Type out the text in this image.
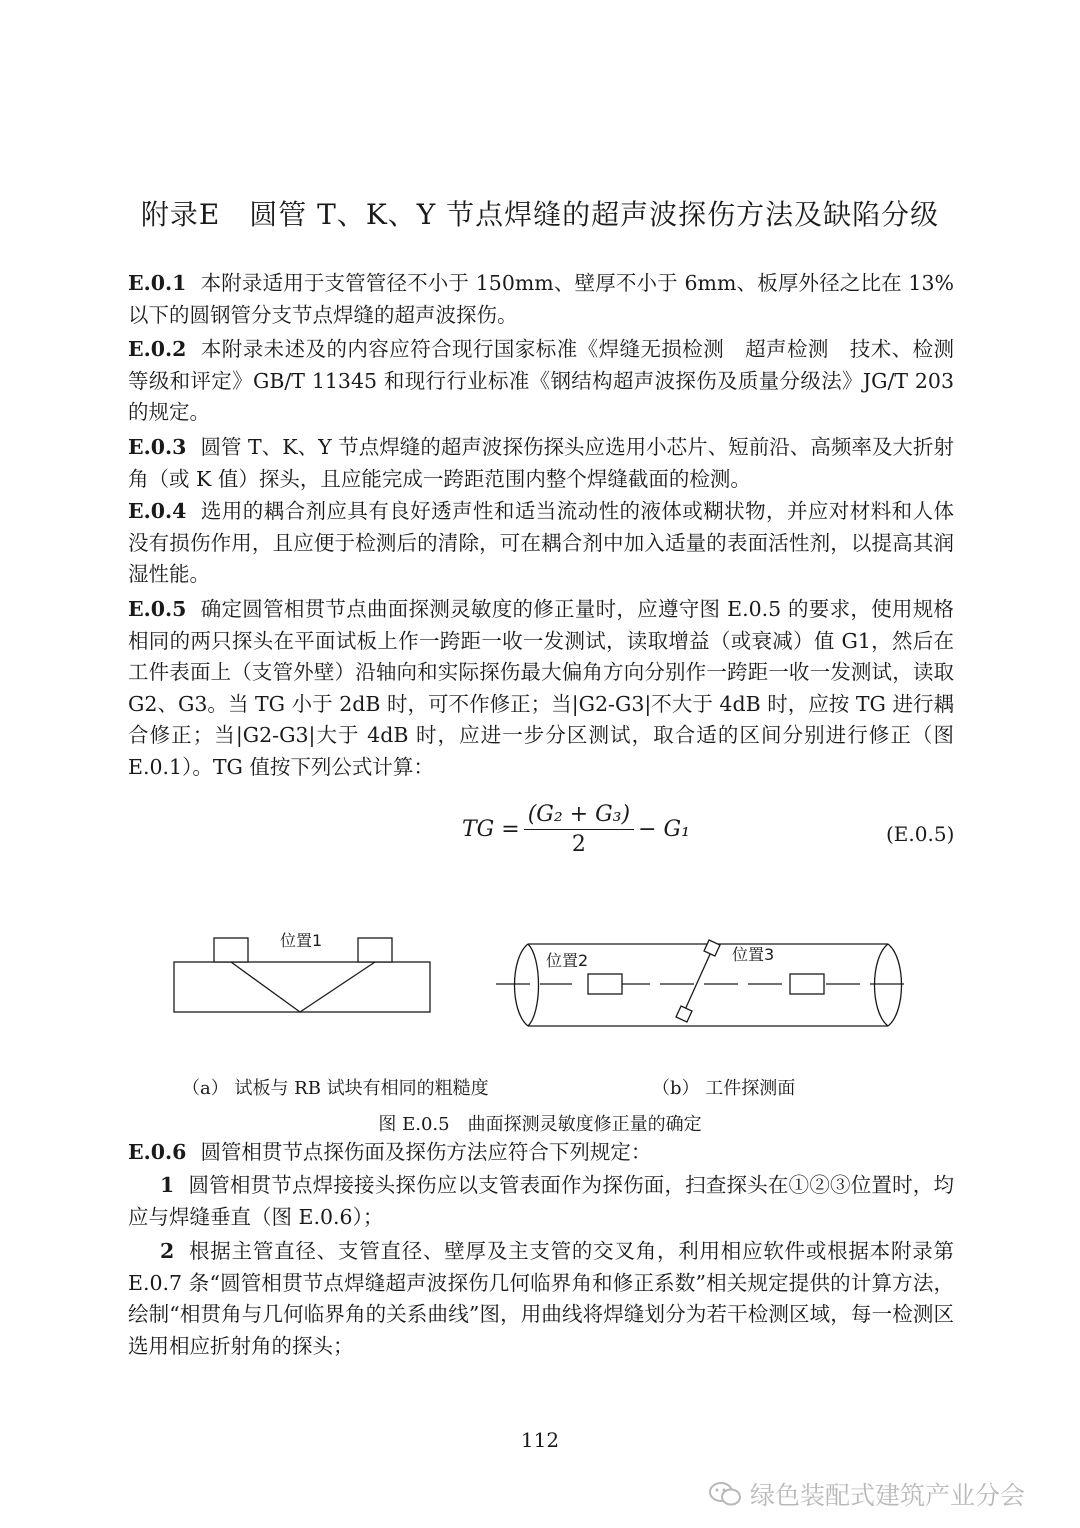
附录E　圆管 T、K、Y 节点焊缝的超声波探伤方法及缺陷分级
E.0.1 本附录适用于支管管径不小于 150mm、壁厚不小于 6mm、板厚外径之比在 13%以下的圆钢管分支节点焊缝的超声波探伤。
E.0.2 本附录未述及的内容应符合现行国家标准《焊缝无损检测　超声检测　技术、检测等级和评定》GB/T 11345 和现行行业标准《钢结构超声波探伤及质量分级法》JG/T 203 的规定。
E.0.3 圆管 T、K、Y 节点焊缝的超声波探伤探头应选用小芯片、短前沿、高频率及大折射角（或 K 值）探头，且应能完成一跨距范围内整个焊缝截面的检测。
E.0.4 选用的耦合剂应具有良好透声性和适当流动性的液体或糊状物，并应对材料和人体没有损伤作用，且应便于检测后的清除，可在耦合剂中加入适量的表面活性剂，以提高其润湿性能。
E.0.5 确定圆管相贯节点曲面探测灵敏度的修正量时，应遵守图 E.0.5 的要求，使用规格相同的两只探头在平面试板上作一跨距一收一发测试，读取增益（或衰减）值 G1，然后在工件表面上（支管外壁）沿轴向和实际探伤最大偏角方向分别作一跨距一收一发测试，读取 G2、G3。当 TG 小于 2dB 时，可不作修正；当|G2-G3|不大于 4dB 时，应按 TG 进行耦合修正；当|G2-G3|大于 4dB 时，应进一步分区测试，取合适的区间分别进行修正（图 E.0.1）。TG 值按下列公式计算：
TG = $\frac{\text{(G₂ + G₃)}}{2} - G_1$	(E.0.5)
位置1
位置2	位置3
（a） 试板与 RB 试块有相同的粗糙度	（b） 工件探测面
图 E.0.5　曲面探测灵敏度修正量的确定
E.0.6 圆管相贯节点探伤面及探伤方法应符合下列规定：
1 圆管相贯节点焊接接头探伤应以支管表面作为探伤面，扫查探头在①②③位置时，均应与焊缝垂直（图 E.0.6）；
2 根据主管直径、支管直径、壁厚及主支管的交叉角，利用相应软件或根据本附录第 E.0.7 条“圆管相贯节点焊缝超声波探伤几何临界角和修正系数”相关规定提供的计算方法，绘制“相贯角与几何临界角的关系曲线”图，用曲线将焊缝划分为若干检测区域，每一检测区选用相应折射角的探头；
112
绿色装配式建筑产业分会
